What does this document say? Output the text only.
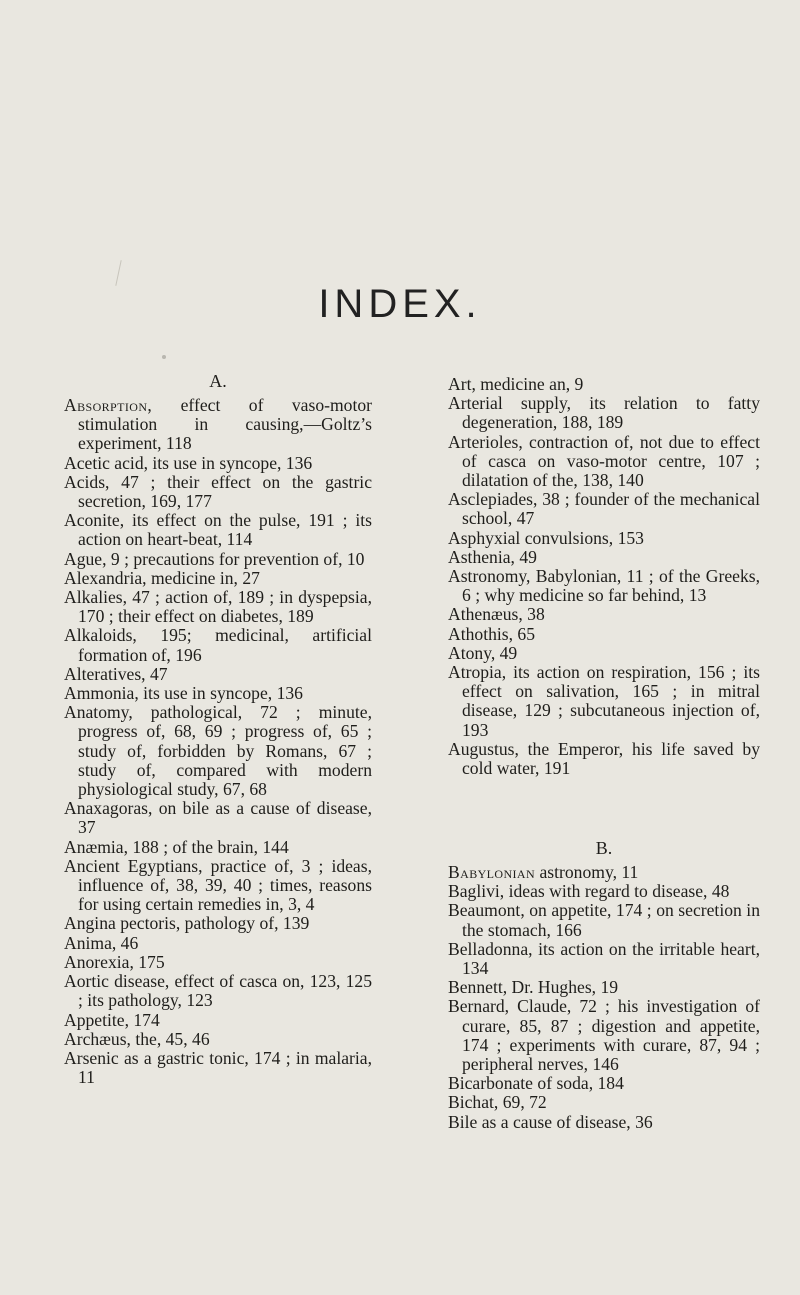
INDEX.
A.
B.
Absorption, effect of vaso-motor stimulation in causing,—Goltz’s experiment, 118
Acetic acid, its use in syncope, 136
Acids, 47 ; their effect on the gastric secretion, 169, 177
Aconite, its effect on the pulse, 191 ; its action on heart-beat, 114
Ague, 9 ; precautions for prevention of, 10
Alexandria, medicine in, 27
Alkalies, 47 ; action of, 189 ; in dyspepsia, 170 ; their effect on diabetes, 189
Alkaloids, 195; medicinal, artificial formation of, 196
Alteratives, 47
Ammonia, its use in syncope, 136
Anatomy, pathological, 72 ; minute, progress of, 68, 69 ; progress of, 65 ; study of, forbidden by Romans, 67 ; study of, compared with modern physiological study, 67, 68
Anaxagoras, on bile as a cause of disease, 37
Anæmia, 188 ; of the brain, 144
Ancient Egyptians, practice of, 3 ; ideas, influence of, 38, 39, 40 ; times, reasons for using certain remedies in, 3, 4
Angina pectoris, pathology of, 139
Anima, 46
Anorexia, 175
Aortic disease, effect of casca on, 123, 125 ; its pathology, 123
Appetite, 174
Archæus, the, 45, 46
Arsenic as a gastric tonic, 174 ; in malaria, 11
Art, medicine an, 9
Arterial supply, its relation to fatty degeneration, 188, 189
Arterioles, contraction of, not due to effect of casca on vaso-motor centre, 107 ; dilatation of the, 138, 140
Asclepiades, 38 ; founder of the mechanical school, 47
Asphyxial convulsions, 153
Asthenia, 49
Astronomy, Babylonian, 11 ; of the Greeks, 6 ; why medicine so far behind, 13
Athenæus, 38
Athothis, 65
Atony, 49
Atropia, its action on respiration, 156 ; its effect on salivation, 165 ; in mitral disease, 129 ; subcutaneous injection of, 193
Augustus, the Emperor, his life saved by cold water, 191
Babylonian astronomy, 11
Baglivi, ideas with regard to disease, 48
Beaumont, on appetite, 174 ; on secretion in the stomach, 166
Belladonna, its action on the irritable heart, 134
Bennett, Dr. Hughes, 19
Bernard, Claude, 72 ; his investigation of curare, 85, 87 ; digestion and appetite, 174 ; experiments with curare, 87, 94 ; peripheral nerves, 146
Bicarbonate of soda, 184
Bichat, 69, 72
Bile as a cause of disease, 36
